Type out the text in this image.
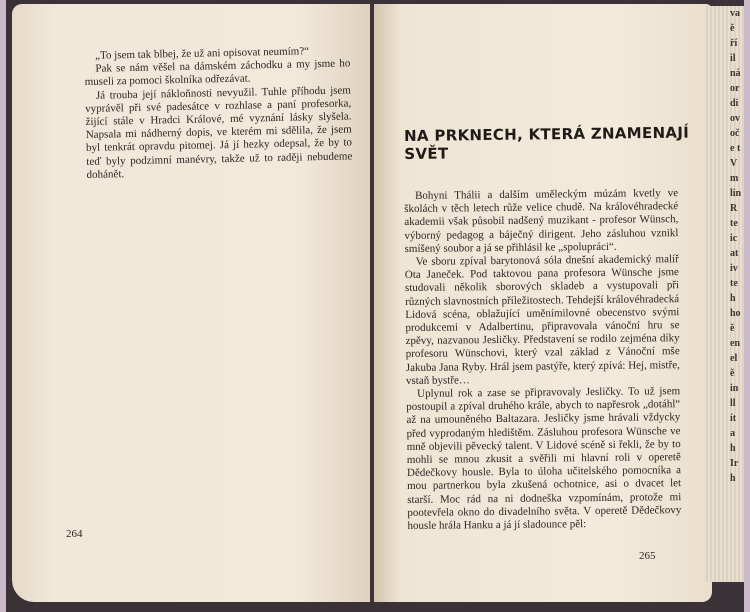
„To jsem tak blbej, že už ani opisovat neumím?“

Pak se nám věšel na dámském záchodku a my jsme ho museli za pomoci školníka odřezávat.

Já trouba její nákloňnosti nevyužil. Tuhle příhodu jsem vyprávěl při své padesátce v rozhlase a paní profesorka, žijící stále v Hradci Králové, mé vyznání lásky slyšela. Napsala mi nádherný dopis, ve kterém mi sdělila, že jsem byl tenkrát opravdu pitomej. Já jí hezky odepsal, že by to teď byly podzimní manévry, takže už to raději nebudeme dohánět.

264
NA PRKNECH, KTERÁ ZNAMENAJÍ SVĚT

Bohyni Thálii a dalším uměleckým múzám kvetly ve školách v těch letech růže velice chudě. Na královéhradecké akademii však působil nadšený muzikant - profesor Wünsch, výborný pedagog a báječný dirigent. Jeho zásluhou vznikl smíšený soubor a já se přihlásil ke „spolupráci“.

Ve sboru zpíval barytonová sóla dnešní akademický malíř Ota Janeček. Pod taktovou pana profesora Wünsche jsme studovali několik sborových skladeb a vystupovali při různých slavnostních příležitostech. Tehdejší královéhradecká Lidová scéna, oblažující uměnímilovné obecenstvo svými produkcemi v Adalbertinu, připravovala vánoční hru se zpěvy, nazvanou Jesličky. Představení se rodilo zejména díky profesoru Wünschovi, který vzal základ z Vánoční mše Jakuba Jana Ryby. Hrál jsem pastýře, který zpívá: Hej, mistře, vstaň bystře…

Uplynul rok a zase se připravovaly Jesličky. To už jsem postoupil a zpíval druhého krále, abych to napřesrok „dotáhl“ až na umouněného Baltazara. Jesličky jsme hrávali vždycky před vyprodaným hledištěm. Zásluhou profesora Wünsche ve mně objevili pěvecký talent. V Lidové scéně si řekli, že by to mohli se mnou zkusit a svěřili mi hlavní roli v operetě Dědečkovy housle. Byla to úloha učitelského pomocníka a mou partnerkou byla zkušená ochotnice, asi o dvacet let starší. Moc rád na ni dodneška vzpomínám, protože mi pootevřela okno do divadelního světa. V operetě Dědečkovy housle hrála Hanku a já jí sladounce pěl:

265
va
ě
ří
il
ná
or
di
ov
oč
e t
V
m
lin
R
te
ic
at
iv
te
h
ho
ě
en
el
ě
in
ll
ít
a
h
Ir
h
